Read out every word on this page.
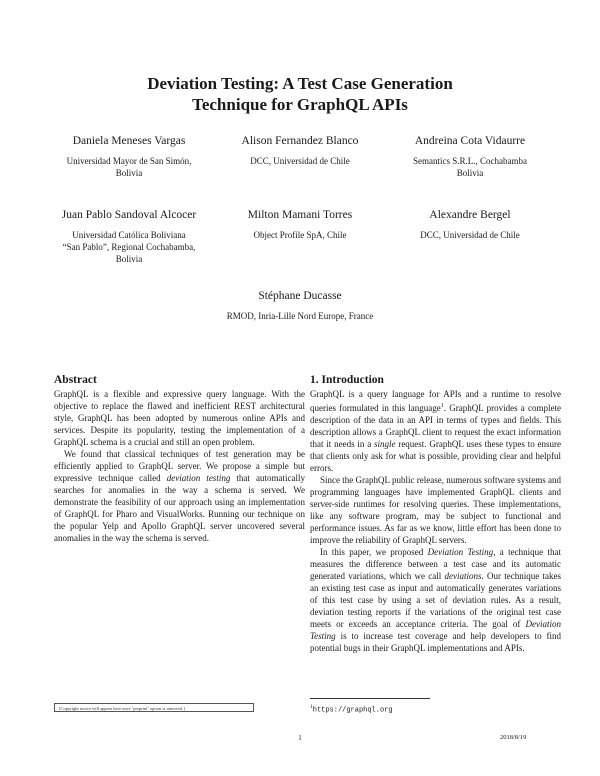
Deviation Testing: A Test Case Generation
Technique for GraphQL APIs
Daniela Meneses Vargas
Universidad Mayor de San Simón,
Bolivia
Alison Fernandez Blanco
DCC, Universidad de Chile
Andreina Cota Vidaurre
Semantics S.R.L., Cochabamba
Bolivia
Juan Pablo Sandoval Alcocer
Universidad Católica Boliviana
“San Pablo”, Regional Cochabamba,
Bolivia
Milton Mamani Torres
Object Profile SpA, Chile
Alexandre Bergel
DCC, Universidad de Chile
Stéphane Ducasse
RMOD, Inria-Lille Nord Europe, France
Abstract

GraphQL is a flexible and expressive query language. With the objective to replace the flawed and inefficient REST architectural style, GraphQL has been adopted by numerous online APIs and services. Despite its popularity, testing the implementation of a GraphQL schema is a crucial and still an open problem.

We found that classical techniques of test generation may be efficiently applied to GraphQL server. We propose a simple but expressive technique called deviation testing that automatically searches for anomalies in the way a schema is served. We demonstrate the feasibility of our approach using an implementation of GraphQL for Pharo and VisualWorks. Running our technique on the popular Yelp and Apollo GraphQL server uncovered several anomalies in the way the schema is served.

1. Introduction

GraphQL is a query language for APIs and a runtime to resolve queries formulated in this language$^1$. GraphQL provides a complete description of the data in an API in terms of types and fields. This description allows a GraphQL client to request the exact information that it needs in a single request. GraphQL uses these types to ensure that clients only ask for what is possible, providing clear and helpful errors.

Since the GraphQL public release, numerous software systems and programming languages have implemented GraphQL clients and server-side runtimes for resolving queries. These implementations, like any software program, may be subject to functional and performance issues. As far as we know, little effort has been done to improve the reliability of GraphQL servers.

In this paper, we proposed Deviation Testing, a technique that measures the difference between a test case and its automatic generated variations, which we call deviations. Our technique takes an existing test case as input and automatically generates variations of this test case by using a set of deviation rules. As a result, deviation testing reports if the variations of the original test case meets or exceeds an acceptance criteria. The goal of Deviation Testing is to increase test coverage and help developers to find potential bugs in their GraphQL implementations and APIs.

[Copyright notice will appear here once ’preprint’ option is removed.]	$^1$https://graphql.org
1	2018/8/19
